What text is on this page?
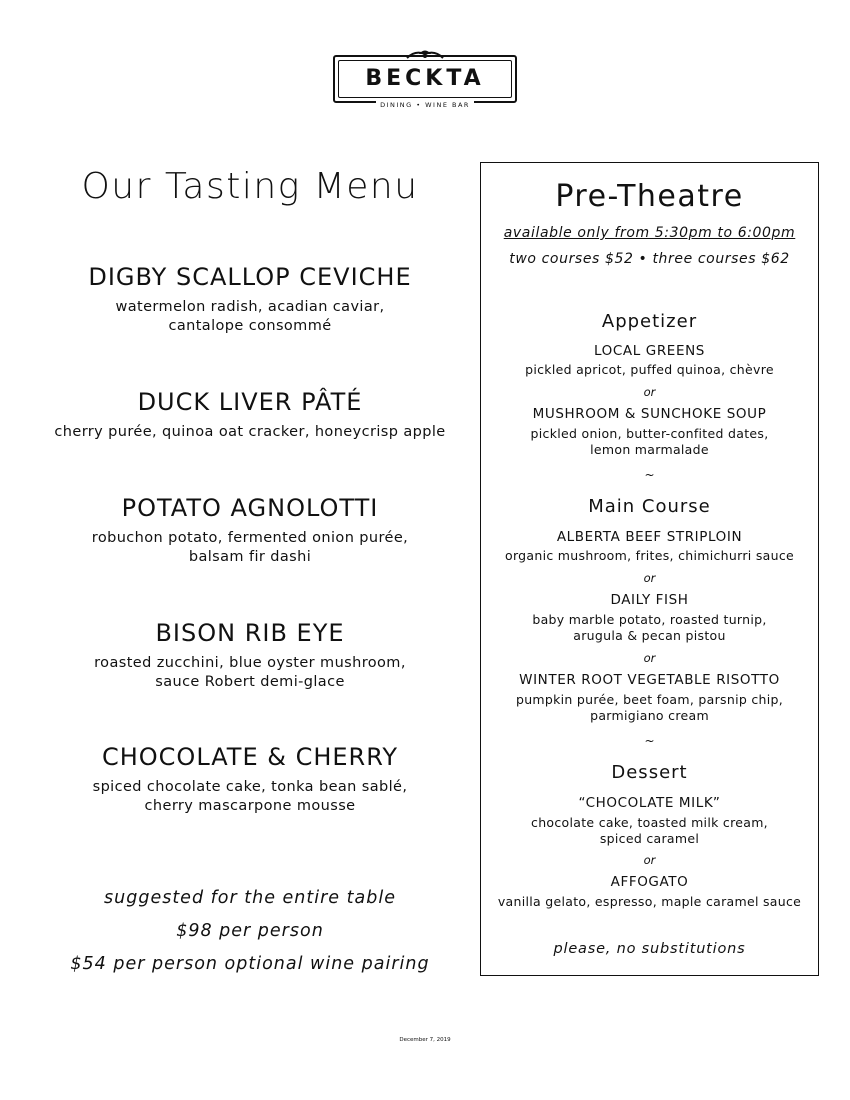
BECKTA
DINING • WINE BAR
Our Tasting Menu
DIGBY SCALLOP CEVICHE
watermelon radish, acadian caviar,
cantalope consommé
DUCK LIVER PÂTÉ
cherry purée, quinoa oat cracker, honeycrisp apple
POTATO AGNOLOTTI
robuchon potato, fermented onion purée,
balsam fir dashi
BISON RIB EYE
roasted zucchini, blue oyster mushroom,
sauce Robert demi-glace
CHOCOLATE & CHERRY
spiced chocolate cake, tonka bean sablé,
cherry mascarpone mousse
suggested for the entire table
$98 per person
$54 per person optional wine pairing
Pre-Theatre
available only from 5:30pm to 6:00pm
two courses $52 • three courses $62
Appetizer
LOCAL GREENS
pickled apricot, puffed quinoa, chèvre
or
MUSHROOM & SUNCHOKE SOUP
pickled onion, butter-confited dates,
lemon marmalade
~
Main Course
ALBERTA BEEF STRIPLOIN
organic mushroom, frites, chimichurri sauce
or
DAILY FISH
baby marble potato, roasted turnip,
arugula & pecan pistou
or
WINTER ROOT VEGETABLE RISOTTO
pumpkin purée, beet foam, parsnip chip,
parmigiano cream
~
Dessert
“CHOCOLATE MILK”
chocolate cake, toasted milk cream,
spiced caramel
or
AFFOGATO
vanilla gelato, espresso, maple caramel sauce
please, no substitutions
December 7, 2019
